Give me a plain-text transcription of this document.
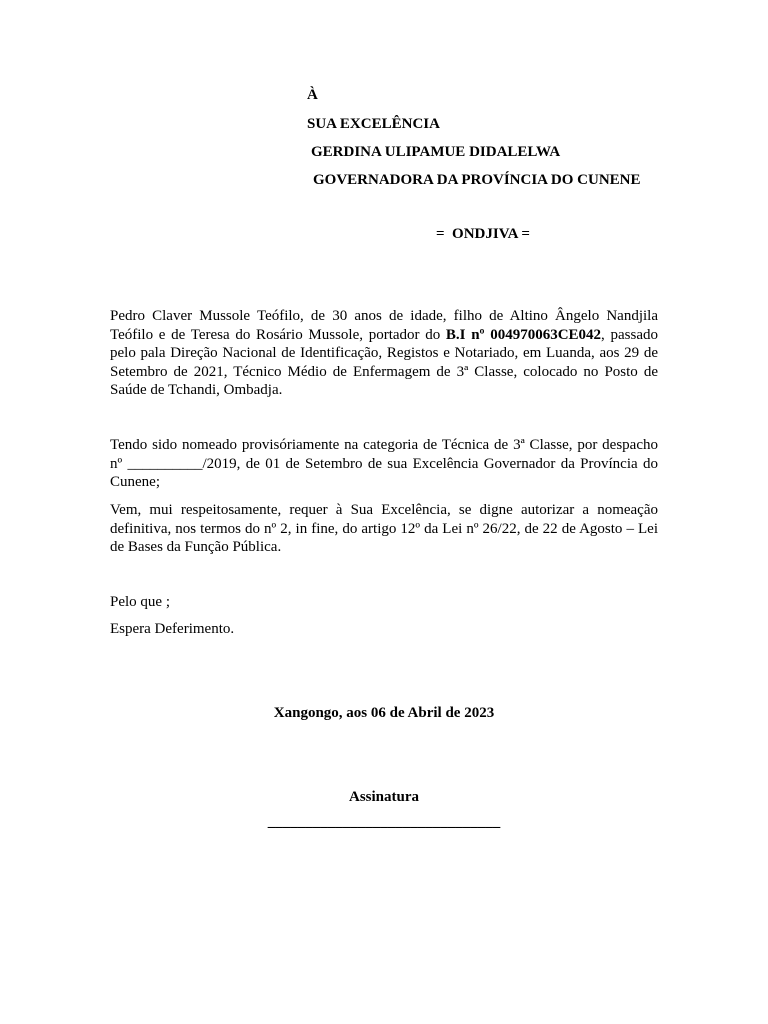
À
SUA EXCELÊNCIA
GERDINA ULIPAMUE DIDALELWA
GOVERNADORA DA PROVÍNCIA DO CUNENE
=  ONDJIVA =
Pedro Claver Mussole Teófilo, de 30 anos de idade, filho de Altino Ângelo Nandjila Teófilo e de Teresa do Rosário Mussole, portador do B.I nº 004970063CE042, passado pelo pala Direção Nacional de Identificação, Registos e Notariado, em Luanda, aos 29 de Setembro de 2021, Técnico Médio de Enfermagem de 3ª Classe, colocado no Posto de Saúde de Tchandi, Ombadja.
Tendo sido nomeado provisóriamente na categoria de Técnica de 3ª Classe, por despacho nº __________/2019, de 01 de Setembro de sua Excelência Governador da Província do Cunene;
Vem, mui respeitosamente, requer à Sua Excelência, se digne autorizar a nomeação definitiva, nos termos do nº 2, in fine, do artigo 12º da Lei nº 26/22, de 22 de Agosto – Lei de Bases da Função Pública.
Pelo que ;
Espera Deferimento.
Xangongo, aos 06 de Abril de 2023
Assinatura
_______________________________
